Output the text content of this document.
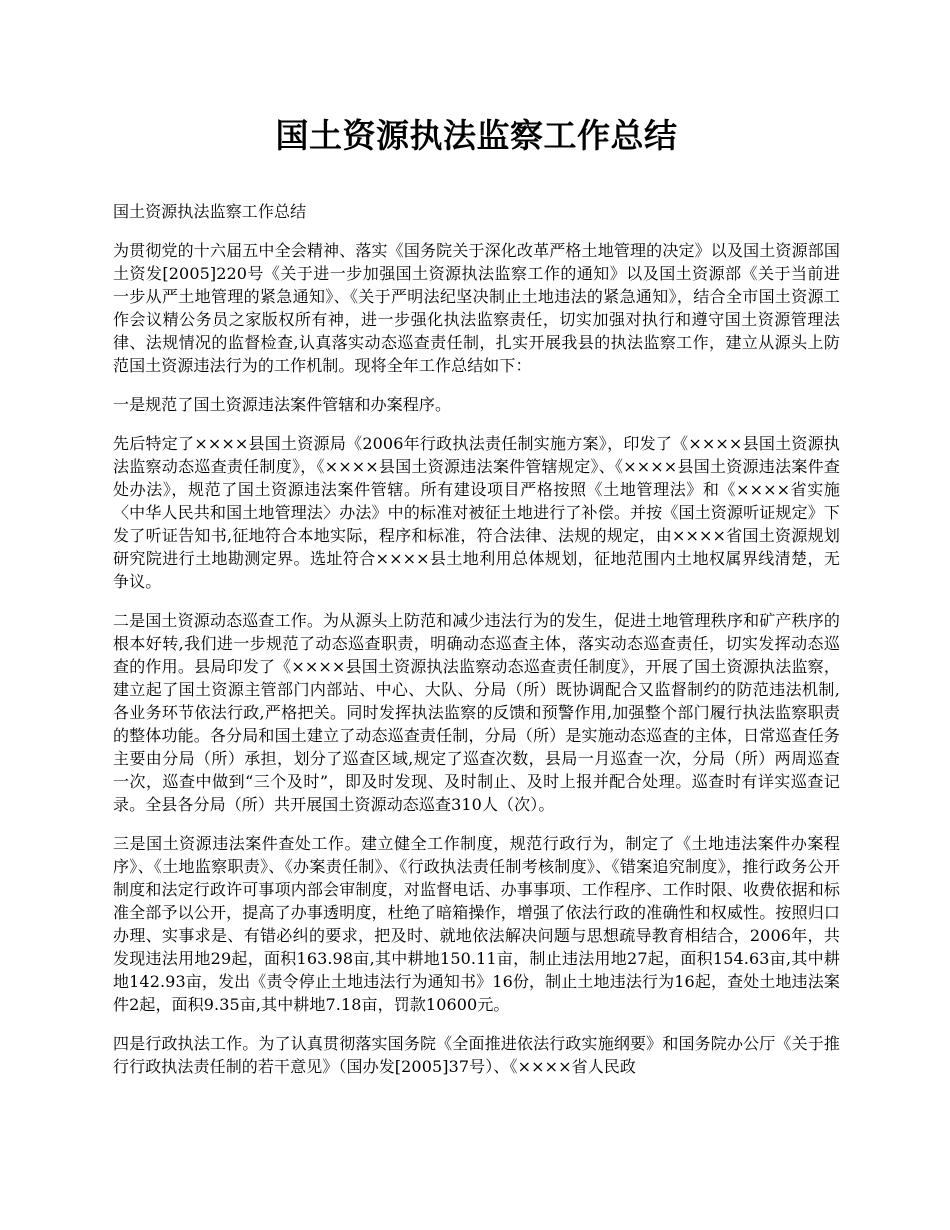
国土资源执法监察工作总结

国土资源执法监察工作总结

为贯彻党的十六届五中全会精神、落实《国务院关于深化改革严格土地管理的决定》以及国土资源部国土资发[2005]220号《关于进一步加强国土资源执法监察工作的通知》以及国土资源部《关于当前进一步从严土地管理的紧急通知》、《关于严明法纪坚决制止土地违法的紧急通知》，结合全市国土资源工作会议精公务员之家版权所有神，进一步强化执法监察责任，切实加强对执行和遵守国土资源管理法律、法规情况的监督检查,认真落实动态巡查责任制，扎实开展我县的执法监察工作，建立从源头上防范国土资源违法行为的工作机制。现将全年工作总结如下：

一是规范了国土资源违法案件管辖和办案程序。

先后特定了××××县国土资源局《2006年行政执法责任制实施方案》，印发了《××××县国土资源执法监察动态巡查责任制度》，《××××县国土资源违法案件管辖规定》、《××××县国土资源违法案件查处办法》，规范了国土资源违法案件管辖。所有建设项目严格按照《土地管理法》和《××××省实施〈中华人民共和国土地管理法〉办法》中的标准对被征土地进行了补偿。并按《国土资源听证规定》下发了听证告知书,征地符合本地实际，程序和标准，符合法律、法规的规定，由××××省国土资源规划研究院进行土地勘测定界。选址符合××××县土地利用总体规划，征地范围内土地权属界线清楚，无争议。

二是国土资源动态巡查工作。为从源头上防范和减少违法行为的发生，促进土地管理秩序和矿产秩序的根本好转,我们进一步规范了动态巡查职责，明确动态巡查主体，落实动态巡查责任，切实发挥动态巡查的作用。县局印发了《××××县国土资源执法监察动态巡查责任制度》，开展了国土资源执法监察，建立起了国土资源主管部门内部站、中心、大队、分局（所）既协调配合又监督制约的防范违法机制,各业务环节依法行政,严格把关。同时发挥执法监察的反馈和预警作用,加强整个部门履行执法监察职责的整体功能。各分局和国土建立了动态巡查责任制，分局（所）是实施动态巡查的主体，日常巡查任务主要由分局（所）承担，划分了巡查区域,规定了巡查次数，县局一月巡查一次，分局（所）两周巡查一次，巡查中做到“三个及时”，即及时发现、及时制止、及时上报并配合处理。巡查时有详实巡查记录。全县各分局（所）共开展国土资源动态巡查310人（次）。

三是国土资源违法案件查处工作。建立健全工作制度，规范行政行为，制定了《土地违法案件办案程序》、《土地监察职责》、《办案责任制》、《行政执法责任制考核制度》、《错案追究制度》，推行政务公开制度和法定行政许可事项内部会审制度，对监督电话、办事事项、工作程序、工作时限、收费依据和标准全部予以公开，提高了办事透明度，杜绝了暗箱操作，增强了依法行政的准确性和权威性。按照归口办理、实事求是、有错必纠的要求，把及时、就地依法解决问题与思想疏导教育相结合，2006年，共发现违法用地29起，面积163.98亩,其中耕地150.11亩，制止违法用地27起，面积154.63亩,其中耕地142.93亩，发出《责令停止土地违法行为通知书》16份，制止土地违法行为16起，查处土地违法案件2起，面积9.35亩,其中耕地7.18亩，罚款10600元。

四是行政执法工作。为了认真贯彻落实国务院《全面推进依法行政实施纲要》和国务院办公厅《关于推行行政执法责任制的若干意见》（国办发[2005]37号）、《××××省人民政
